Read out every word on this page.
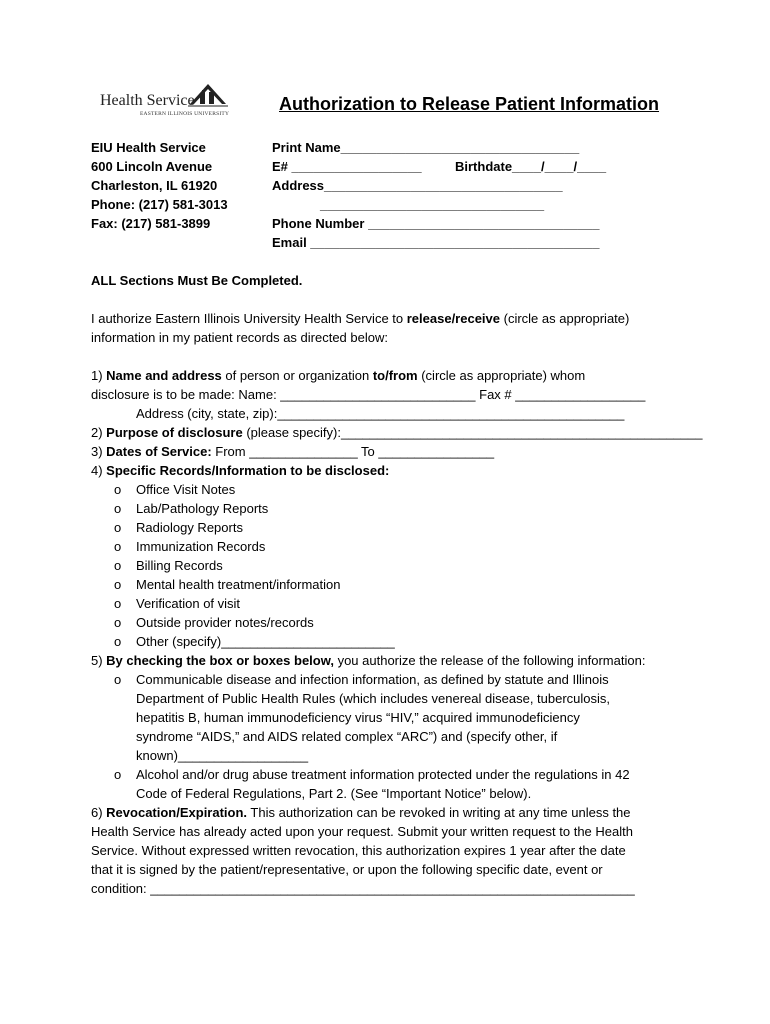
Health Service
EASTERN ILLINOIS UNIVERSITY	Authorization to Release Patient Information
EIU Health Service
600 Lincoln Avenue
Charleston, IL 61920
Phone: (217) 581-3013
Fax: (217) 581-3899
Print Name_________________________________
E# __________________	Birthdate____/____/____
Address_________________________________
_______________________________
Phone Number ________________________________
Email ________________________________________
ALL Sections Must Be Completed.
I authorize Eastern Illinois University Health Service to release/receive (circle as appropriate)
information in my patient records as directed below:
1) Name and address of person or organization to/from (circle as appropriate) whom
disclosure is to be made: Name: ___________________________ Fax # __________________
Address (city, state, zip):________________________________________________
2) Purpose of disclosure (please specify):__________________________________________________
3) Dates of Service: From _______________ To ________________
4) Specific Records/Information to be disclosed:
o Office Visit Notes
o Lab/Pathology Reports
o Radiology Reports
o Immunization Records
o Billing Records
o Mental health treatment/information
o Verification of visit
o Outside provider notes/records
o Other (specify)________________________
5) By checking the box or boxes below, you authorize the release of the following information:
o Communicable disease and infection information, as defined by statute and Illinois
Department of Public Health Rules (which includes venereal disease, tuberculosis,
hepatitis B, human immunodeficiency virus “HIV,” acquired immunodeficiency
syndrome “AIDS,” and AIDS related complex “ARC”) and (specify other, if
known)__________________
o Alcohol and/or drug abuse treatment information protected under the regulations in 42
Code of Federal Regulations, Part 2. (See “Important Notice” below).
6) Revocation/Expiration. This authorization can be revoked in writing at any time unless the
Health Service has already acted upon your request. Submit your written request to the Health
Service. Without expressed written revocation, this authorization expires 1 year after the date
that it is signed by the patient/representative, or upon the following specific date, event or
condition: ___________________________________________________________________
